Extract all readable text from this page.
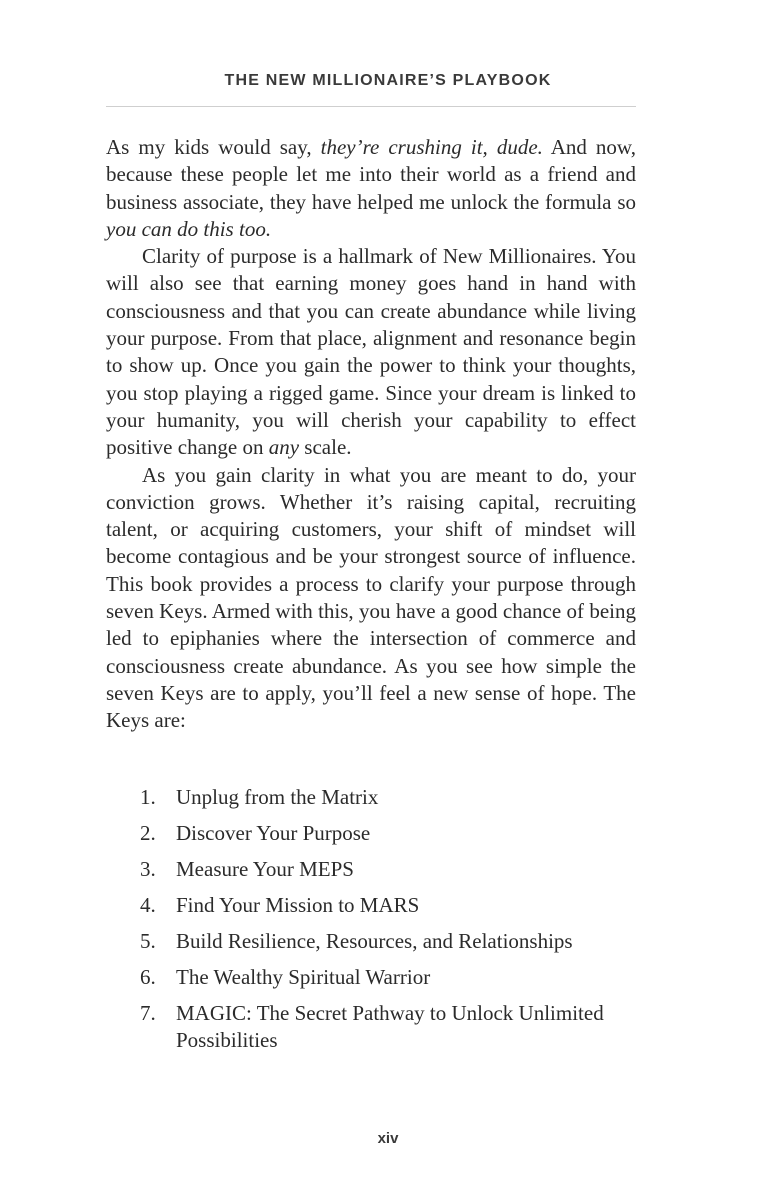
THE NEW MILLIONAIRE’S PLAYBOOK

As my kids would say, they’re crushing it, dude. And now, because these people let me into their world as a friend and business associate, they have helped me unlock the formula so you can do this too.

Clarity of purpose is a hallmark of New Millionaires. You will also see that earning money goes hand in hand with consciousness and that you can create abundance while living your purpose. From that place, alignment and resonance begin to show up. Once you gain the power to think your thoughts, you stop playing a rigged game. Since your dream is linked to your humanity, you will cherish your capability to effect positive change on any scale.

As you gain clarity in what you are meant to do, your conviction grows. Whether it’s raising capital, recruiting talent, or acquiring customers, your shift of mindset will become contagious and be your strongest source of influence. This book provides a process to clarify your purpose through seven Keys. Armed with this, you have a good chance of being led to epiphanies where the intersection of commerce and consciousness create abundance. As you see how simple the seven Keys are to apply, you’ll feel a new sense of hope. The Keys are:

1. Unplug from the Matrix
2. Discover Your Purpose
3. Measure Your MEPS
4. Find Your Mission to MARS
5. Build Resilience, Resources, and Relationships
6. The Wealthy Spiritual Warrior
7. MAGIC: The Secret Pathway to Unlock Unlimited Possibilities
xiv
